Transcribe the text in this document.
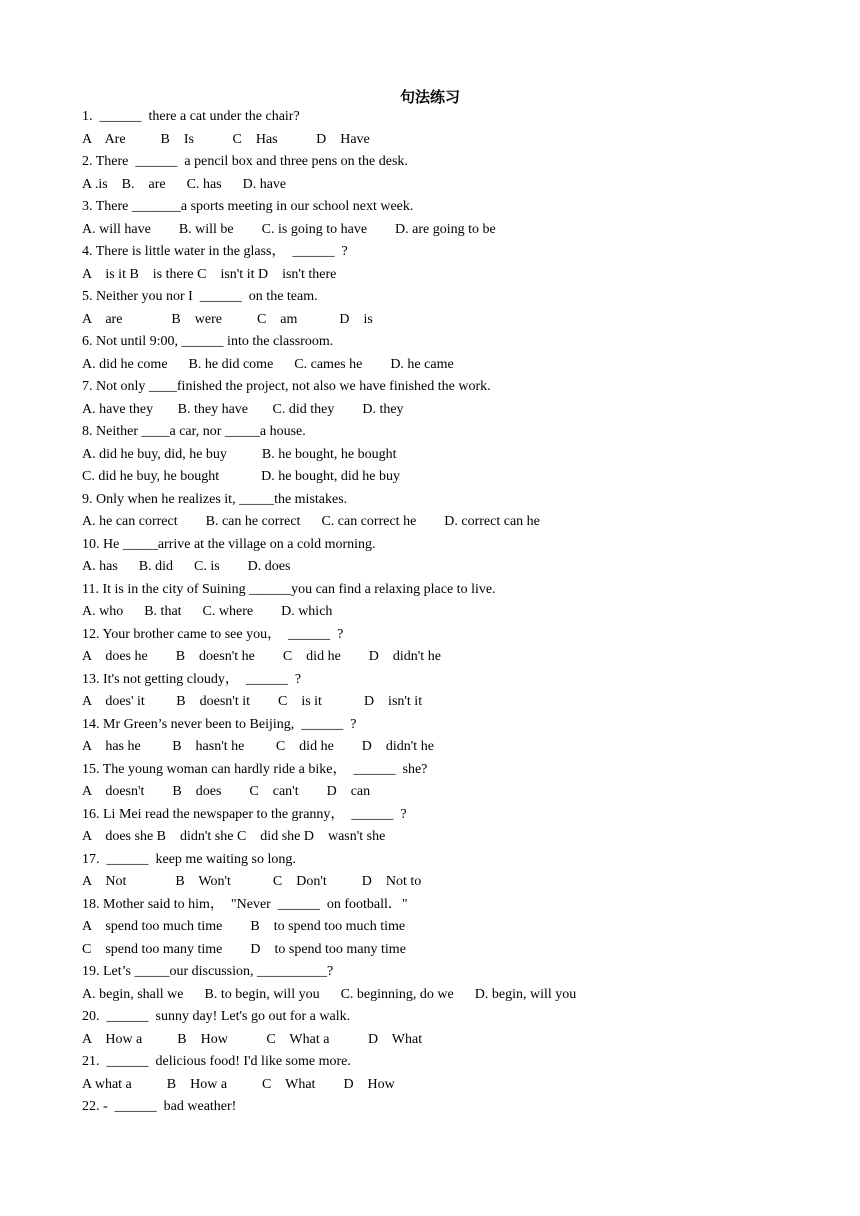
句法练习
1.  ______  there a cat under the chair?
A    Are          B    Is           C    Has           D    Have
2. There  ______  a pencil box and three pens on the desk.
A .is    B.    are      C. has      D. have
3. There _______a sports meeting in our school next week.
A. will have        B. will be        C. is going to have        D. are going to be
4. There is little water in the glass，  ______  ?
A    is it B    is there C    isn't it D    isn't there
5. Neither you nor I  ______  on the team.
A    are              B    were          C    am            D    is
6. Not until 9:00, ______ into the classroom.
A. did he come      B. he did come      C. cames he        D. he came
7. Not only ____finished the project, not also we have finished the work.
A. have they       B. they have       C. did they        D. they
8. Neither ____a car, nor _____a house.
A. did he buy, did, he buy          B. he bought, he bought
C. did he buy, he bought            D. he bought, did he buy
9. Only when he realizes it, _____the mistakes.
A. he can correct        B. can he correct      C. can correct he        D. correct can he
10. He _____arrive at the village on a cold morning.
A. has      B. did      C. is        D. does
11. It is in the city of Suining ______you can find a relaxing place to live.
A. who      B. that      C. where        D. which
12. Your brother came to see you，  ______  ?
A    does he        B    doesn't he        C    did he        D    didn't he
13. It's not getting cloudy，  ______  ?
A    does' it         B    doesn't it        C    is it            D    isn't it
14. Mr Green’s never been to Beijing,  ______  ?
A    has he         B    hasn't he         C    did he        D    didn't he
15. The young woman can hardly ride a bike，  ______  she?
A    doesn't        B    does        C    can't        D    can
16. Li Mei read the newspaper to the granny，  ______  ?
A    does she B    didn't she C    did she D    wasn't she
17.  ______  keep me waiting so long.
A    Not              B    Won't            C    Don't          D    Not to
18. Mother said to him，  "Never  ______  on football．"
A    spend too much time        B    to spend too much time
C    spend too many time        D    to spend too many time
19. Let’s _____our discussion, __________?
A. begin, shall we      B. to begin, will you      C. beginning, do we      D. begin, will you
20.  ______  sunny day! Let's go out for a walk.
A    How a          B    How           C    What a           D    What
21.  ______  delicious food! I'd like some more.
A what a          B    How a          C    What        D    How
22. -  ______  bad weather!
